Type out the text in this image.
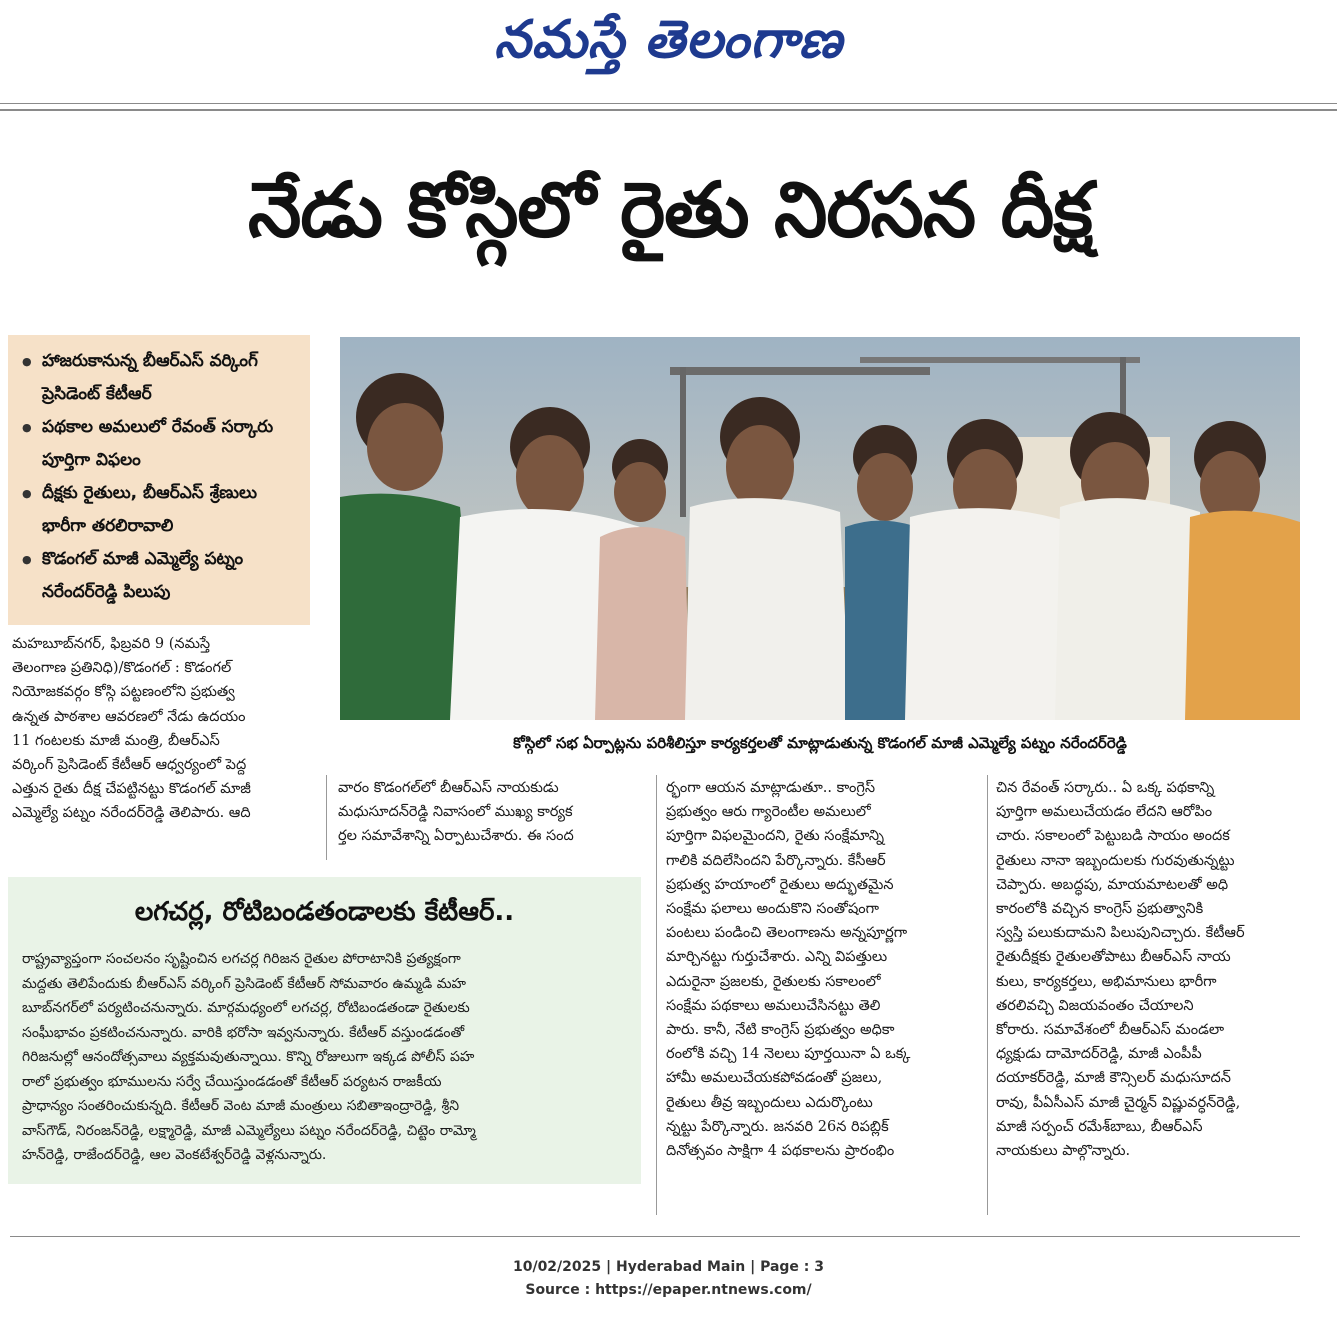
నమస్తే తెలంగాణ
నేడు కోస్గిలో రైతు నిరసన దీక్ష
● హాజరుకానున్న బీఆర్‌ఎస్ వర్కింగ్ ప్రెసిడెంట్ కేటీఆర్
● పథకాల అమలులో రేవంత్ సర్కారు పూర్తిగా విఫలం
● దీక్షకు రైతులు, బీఆర్‌ఎస్ శ్రేణులు భారీగా తరలిరావాలి
● కొడంగల్ మాజీ ఎమ్మెల్యే పట్నం నరేందర్‌రెడ్డి పిలుపు
కోస్గిలో సభ ఏర్పాట్లను పరిశీలిస్తూ కార్యకర్తలతో మాట్లాడుతున్న కొడంగల్ మాజీ ఎమ్మెల్యే పట్నం నరేందర్‌రెడ్డి
మహబూబ్‌నగర్, ఫిబ్రవరి 9 (నమస్తే
తెలంగాణ ప్రతినిధి)/కొడంగల్ : కొడంగల్
నియోజకవర్గం కోస్గి పట్టణంలోని ప్రభుత్వ
ఉన్నత పాఠశాల ఆవరణలో నేడు ఉదయం
11 గంటలకు మాజీ మంత్రి, బీఆర్‌ఎస్
వర్కింగ్ ప్రెసిడెంట్ కేటీఆర్ ఆధ్వర్యంలో పెద్ద
ఎత్తున రైతు దీక్ష చేపట్టినట్టు కొడంగల్ మాజీ
ఎమ్మెల్యే పట్నం నరేందర్‌రెడ్డి తెలిపారు. ఆది
వారం కొడంగల్‌లో బీఆర్‌ఎస్ నాయకుడు
మధుసూదన్‌రెడ్డి నివాసంలో ముఖ్య కార్యక
ర్తల సమావేశాన్ని ఏర్పాటుచేశారు. ఈ సంద
ర్భంగా ఆయన మాట్లాడుతూ.. కాంగ్రెస్
ప్రభుత్వం ఆరు గ్యారెంటీల అమలులో
పూర్తిగా విఫలమైందని, రైతు సంక్షేమాన్ని
గాలికి వదిలేసిందని పేర్కొన్నారు. కేసీఆర్
ప్రభుత్వ హయాంలో రైతులు అద్భుతమైన
సంక్షేమ ఫలాలు అందుకొని సంతోషంగా
పంటలు పండించి తెలంగాణను అన్నపూర్ణగా
మార్చినట్టు గుర్తుచేశారు. ఎన్ని విపత్తులు
ఎదురైనా ప్రజలకు, రైతులకు సకాలంలో
సంక్షేమ పథకాలు అమలుచేసినట్టు తెలి
పారు. కానీ, నేటి కాంగ్రెస్ ప్రభుత్వం అధికా
రంలోకి వచ్చి 14 నెలలు పూర్తయినా ఏ ఒక్క
హామీ అమలుచేయకపోవడంతో ప్రజలు,
రైతులు తీవ్ర ఇబ్బందులు ఎదుర్కొంటు
న్నట్టు పేర్కొన్నారు. జనవరి 26న రిపబ్లిక్
దినోత్సవం సాక్షిగా 4 పథకాలను ప్రారంభిం
చిన రేవంత్ సర్కారు.. ఏ ఒక్క పథకాన్ని
పూర్తిగా అమలుచేయడం లేదని ఆరోపిం
చారు. సకాలంలో పెట్టుబడి సాయం అందక
రైతులు నానా ఇబ్బందులకు గురవుతున్నట్టు
చెప్పారు. అబద్ధపు, మాయమాటలతో అధి
కారంలోకి వచ్చిన కాంగ్రెస్ ప్రభుత్వానికి
స్వస్తి పలుకుదామని పిలుపునిచ్చారు. కేటీఆర్
రైతుదీక్షకు రైతులతోపాటు బీఆర్‌ఎస్ నాయ
కులు, కార్యకర్తలు, అభిమానులు భారీగా
తరలివచ్చి విజయవంతం చేయాలని
కోరారు. సమావేశంలో బీఆర్‌ఎస్ మండలా
ధ్యక్షుడు దామోదర్‌రెడ్డి, మాజీ ఎంపీపీ
దయాకర్‌రెడ్డి, మాజీ కౌన్సిలర్ మధుసూదన్
రావు, పీఏసీఎస్ మాజీ చైర్మన్ విష్ణువర్ధన్‌రెడ్డి,
మాజీ సర్పంచ్ రమేశ్‌బాబు, బీఆర్‌ఎస్
నాయకులు పాల్గొన్నారు.
లగచర్ల, రోటిబండతండాలకు కేటీఆర్..
రాష్ట్రవ్యాప్తంగా సంచలనం సృష్టించిన లగచర్ల గిరిజన రైతుల పోరాటానికి ప్రత్యక్షంగా
మద్దతు తెలిపేందుకు బీఆర్‌ఎస్ వర్కింగ్ ప్రెసిడెంట్ కేటీఆర్ సోమవారం ఉమ్మడి మహ
బూబ్‌నగర్‌లో పర్యటించనున్నారు. మార్గమధ్యంలో లగచర్ల, రోటిబండతండా రైతులకు
సంఘీభావం ప్రకటించనున్నారు. వారికి భరోసా ఇవ్వనున్నారు. కేటీఆర్ వస్తుండడంతో
గిరిజనుల్లో ఆనందోత్సవాలు వ్యక్తమవుతున్నాయి. కొన్ని రోజులుగా ఇక్కడ పోలీస్ పహ
రాలో ప్రభుత్వం భూములను సర్వే చేయిస్తుండడంతో కేటీఆర్ పర్యటన రాజకీయ
ప్రాధాన్యం సంతరించుకున్నది. కేటీఆర్ వెంట మాజీ మంత్రులు సబితాఇంద్రారెడ్డి, శ్రీని
వాస్‌గౌడ్, నిరంజన్‌రెడ్డి, లక్ష్మారెడ్డి, మాజీ ఎమ్మెల్యేలు పట్నం నరేందర్‌రెడ్డి, చిట్టెం రామ్మో
హన్‌రెడ్డి, రాజేందర్‌రెడ్డి, ఆల వెంకటేశ్వర్‌రెడ్డి వెళ్లనున్నారు.
10/02/2025 | Hyderabad Main | Page : 3
Source : https://epaper.ntnews.com/
